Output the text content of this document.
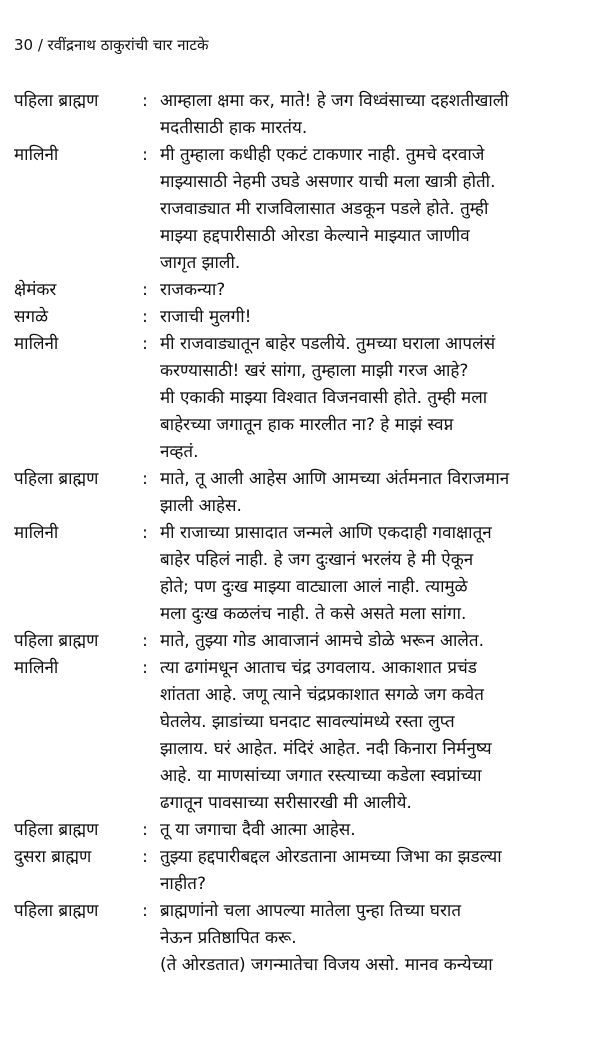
30 / रवींद्रनाथ ठाकुरांची चार नाटके
पहिला ब्राह्मण	: आम्हाला क्षमा कर, माते! हे जग विध्वंसाच्या दहशतीखाली
मदतीसाठी हाक मारतंय.
मालिनी	: मी तुम्हाला कधीही एकटं टाकणार नाही. तुमचे दरवाजे
माझ्यासाठी नेहमी उघडे असणार याची मला खात्री होती.
राजवाड्यात मी राजविलासात अडकून पडले होते. तुम्ही
माझ्या हद्दपारीसाठी ओरडा केल्याने माझ्यात जाणीव
जागृत झाली.
क्षेमंकर	: राजकन्या?
सगळे	: राजाची मुलगी!
मालिनी	: मी राजवाड्यातून बाहेर पडलीये. तुमच्या घराला आपलंसं
करण्यासाठी! खरं सांगा, तुम्हाला माझी गरज आहे?
मी एकाकी माझ्या विश्वात विजनवासी होते. तुम्ही मला
बाहेरच्या जगातून हाक मारलीत ना? हे माझं स्वप्न
नव्हतं.
पहिला ब्राह्मण	: माते, तू आली आहेस आणि आमच्या अंर्तमनात विराजमान
झाली आहेस.
मालिनी	: मी राजाच्या प्रासादात जन्मले आणि एकदाही गवाक्षातून
बाहेर पहिलं नाही. हे जग दुःखानं भरलंय हे मी ऐकून
होते; पण दुःख माझ्या वाट्याला आलं नाही. त्यामुळे
मला दुःख कळलंच नाही. ते कसे असते मला सांगा.
पहिला ब्राह्मण	: माते, तुझ्या गोड आवाजानं आमचे डोळे भरून आलेत.
मालिनी	: त्या ढगांमधून आताच चंद्र उगवलाय. आकाशात प्रचंड
शांतता आहे. जणू त्याने चंद्रप्रकाशात सगळे जग कवेत
घेतलेय. झाडांच्या घनदाट सावल्यांमध्ये रस्ता लुप्त
झालाय. घरं आहेत. मंदिरं आहेत. नदी किनारा निर्मनुष्य
आहे. या माणसांच्या जगात रस्त्याच्या कडेला स्वप्नांच्या
ढगातून पावसाच्या सरीसारखी मी आलीये.
पहिला ब्राह्मण	: तू या जगाचा दैवी आत्मा आहेस.
दुसरा ब्राह्मण	: तुझ्या हद्दपारीबद्दल ओरडताना आमच्या जिभा का झडल्या
नाहीत?
पहिला ब्राह्मण	: ब्राह्मणांनो चला आपल्या मातेला पुन्हा तिच्या घरात
नेऊन प्रतिष्ठापित करू.
(ते ओरडतात) जगन्मातेचा विजय असो. मानव कन्येच्या
